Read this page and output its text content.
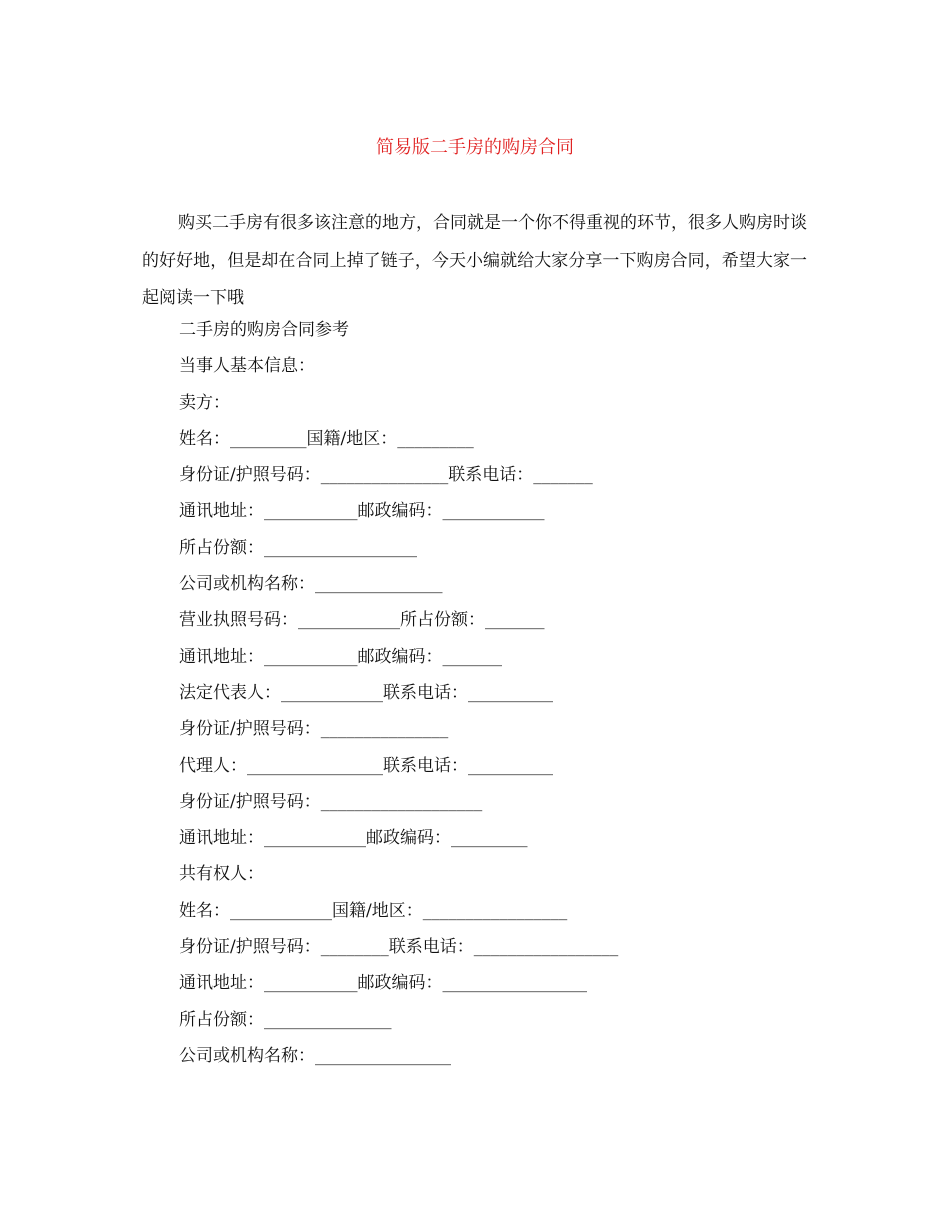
简易版二手房的购房合同

购买二手房有很多该注意的地方，合同就是一个你不得重视的环节，很多人购房时谈的好好地，但是却在合同上掉了链子，今天小编就给大家分享一下购房合同，希望大家一起阅读一下哦

二手房的购房合同参考
当事人基本信息：
卖方：
姓名：_________国籍/地区：_________
身份证/护照号码：_______________联系电话：_______
通讯地址：___________邮政编码：____________
所占份额：__________________
公司或机构名称：_______________
营业执照号码：____________所占份额：_______
通讯地址：___________邮政编码：_______
法定代表人：____________联系电话：__________
身份证/护照号码：_______________
代理人：________________联系电话：__________
身份证/护照号码：___________________
通讯地址：____________邮政编码：_________
共有权人：
姓名：____________国籍/地区：_________________
身份证/护照号码：________联系电话：_________________
通讯地址：___________邮政编码：_________________
所占份额：_______________
公司或机构名称：________________
